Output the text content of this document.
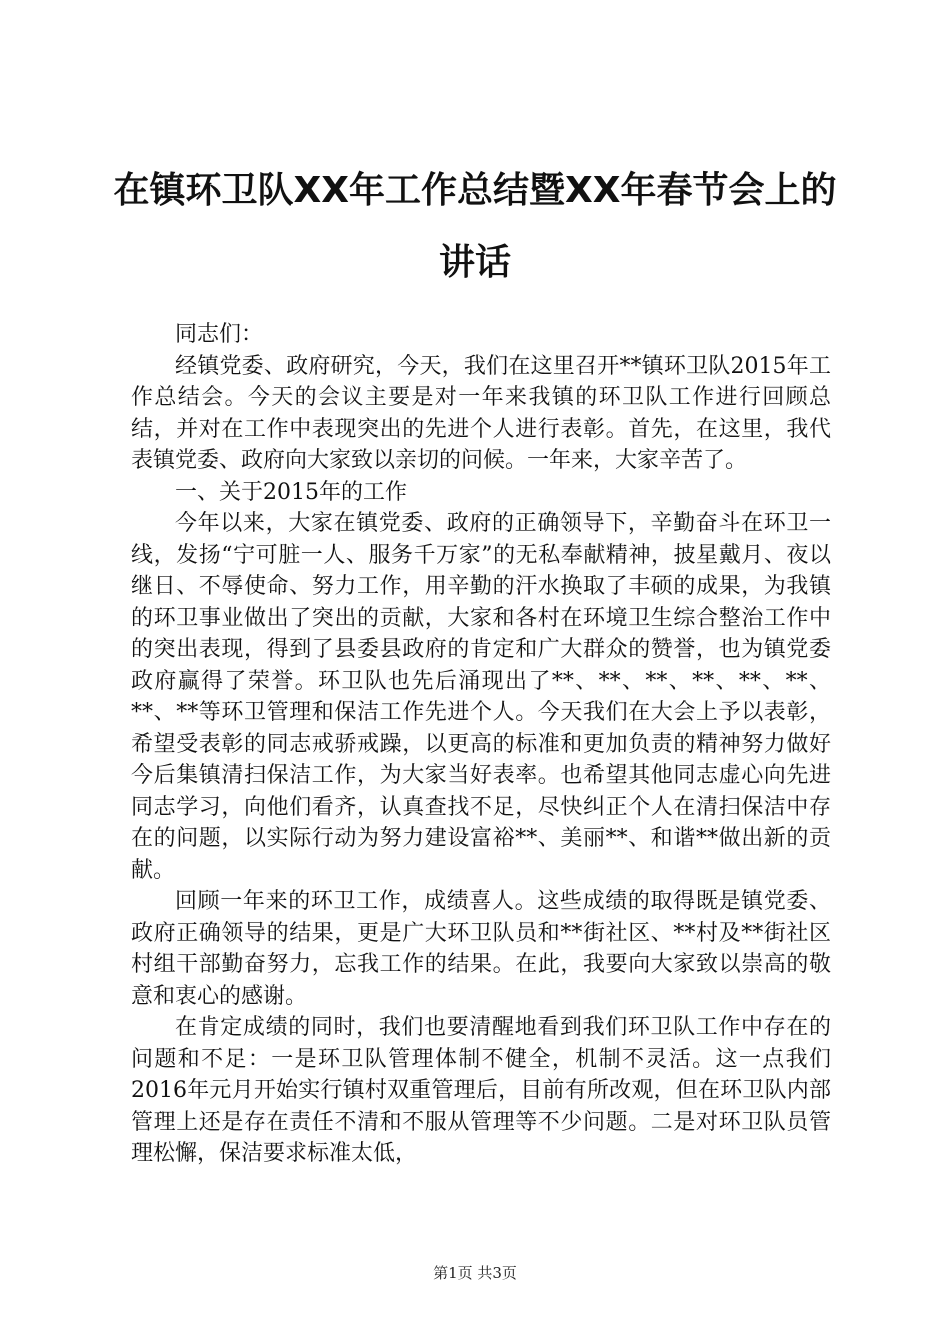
在镇环卫队XX年工作总结暨XX年春节会上的讲话

同志们：

经镇党委、政府研究，今天，我们在这里召开**镇环卫队2015年工作总结会。今天的会议主要是对一年来我镇的环卫队工作进行回顾总结，并对在工作中表现突出的先进个人进行表彰。首先，在这里，我代表镇党委、政府向大家致以亲切的问候。一年来，大家辛苦了。

一、关于2015年的工作

今年以来，大家在镇党委、政府的正确领导下，辛勤奋斗在环卫一线，发扬“宁可脏一人、服务千万家”的无私奉献精神，披星戴月、夜以继日、不辱使命、努力工作，用辛勤的汗水换取了丰硕的成果，为我镇的环卫事业做出了突出的贡献，大家和各村在环境卫生综合整治工作中的突出表现，得到了县委县政府的肯定和广大群众的赞誉，也为镇党委政府赢得了荣誉。环卫队也先后涌现出了**、**、**、**、**、**、**、**等环卫管理和保洁工作先进个人。今天我们在大会上予以表彰，希望受表彰的同志戒骄戒躁，以更高的标准和更加负责的精神努力做好今后集镇清扫保洁工作，为大家当好表率。也希望其他同志虚心向先进同志学习，向他们看齐，认真查找不足，尽快纠正个人在清扫保洁中存在的问题，以实际行动为努力建设富裕**、美丽**、和谐**做出新的贡献。

回顾一年来的环卫工作，成绩喜人。这些成绩的取得既是镇党委、政府正确领导的结果，更是广大环卫队员和**街社区、**村及**街社区村组干部勤奋努力，忘我工作的结果。在此，我要向大家致以崇高的敬意和衷心的感谢。

在肯定成绩的同时，我们也要清醒地看到我们环卫队工作中存在的问题和不足：一是环卫队管理体制不健全，机制不灵活。这一点我们2016年元月开始实行镇村双重管理后，目前有所改观，但在环卫队内部管理上还是存在责任不清和不服从管理等不少问题。二是对环卫队员管理松懈，保洁要求标准太低，

第1页 共3页
